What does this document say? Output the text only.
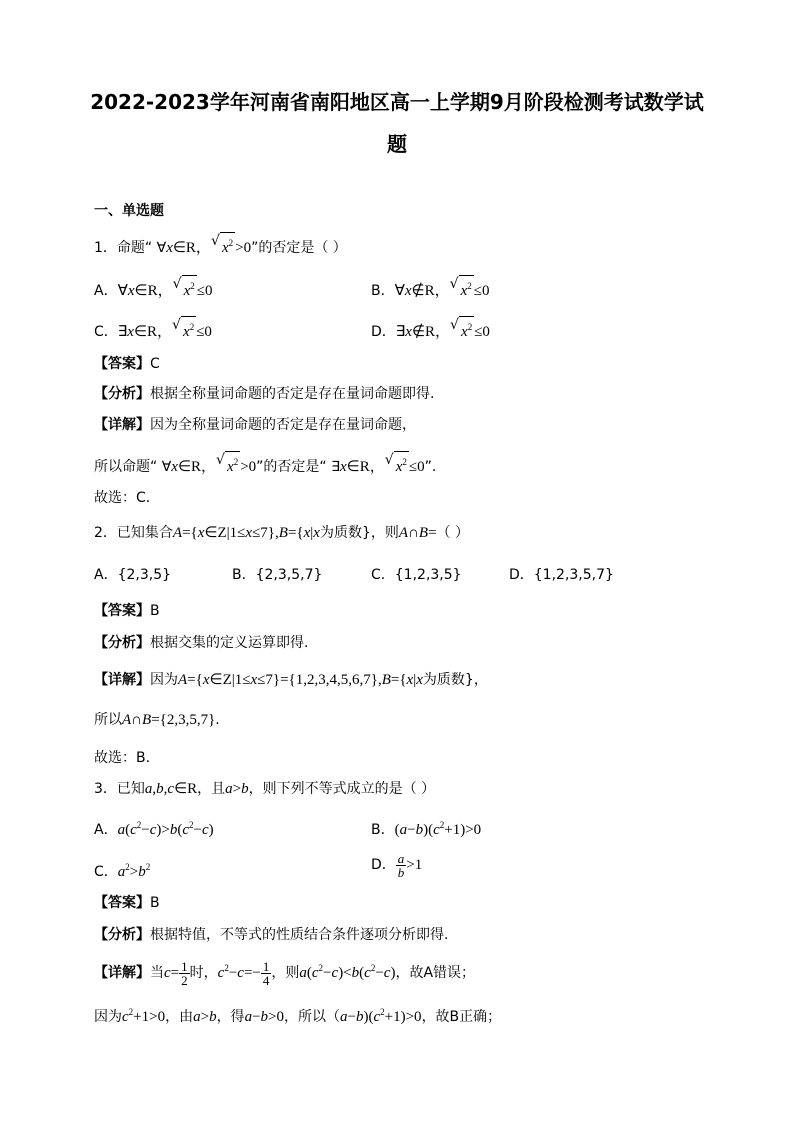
2022-2023学年河南省南阳地区高一上学期9月阶段检测考试数学试
题
一、单选题
1．命题“ ∀x∈R， √ $x^2 >0$”的否定是（ ）
A．∀x∈R， √ $x^2 \le 0$	B．∀x∉R， √ $x^2 \le 0$
C．∃x∈R， √ $x^2 \le 0$	D．∃x∉R， √ $x^2 \le 0$
【答案】C
【分析】根据全称量词命题的否定是存在量词命题即得.
【详解】因为全称量词命题的否定是存在量词命题，
所以命题“ ∀x∈R， √ $x^2 >0$”的否定是“ ∃x∈R， √ $x^2 \le 0$”.
故选：C.
2．已知集合A={x∈Z|1≤x≤7},B={x|x为质数}，则A∩B=（ ）
A．{2,3,5}	B．{2,3,5,7}	C．{1,2,3,5}	D．{1,2,3,5,7}
【答案】B
【分析】根据交集的定义运算即得.
【详解】因为A={x∈Z|1≤x≤7}={1,2,3,4,5,6,7},B={x|x为质数}，
所以A∩B={2,3,5,7}.
故选：B.
3．已知a,b,c∈R，且a>b，则下列不等式成立的是（ ）
A．$a(c^2-c)>b(c^2-c)$	B．$(a-b)(c^2+1)>0$
C．$a^2>b^2$	D． $\frac{a}{b} >1$
【答案】B
【分析】根据特值，不等式的性质结合条件逐项分析即得.
【详解】当$c= \frac{1}{2}$ 时，$c^2-c=- \frac{1}{4}$ ，则$a(c^2-c)<b(c^2-c)$，故A错误；
因为$c^2+1>0$，由a>b，得a−b>0，所以$(a-b)(c^2+1)>0$，故B正确；
